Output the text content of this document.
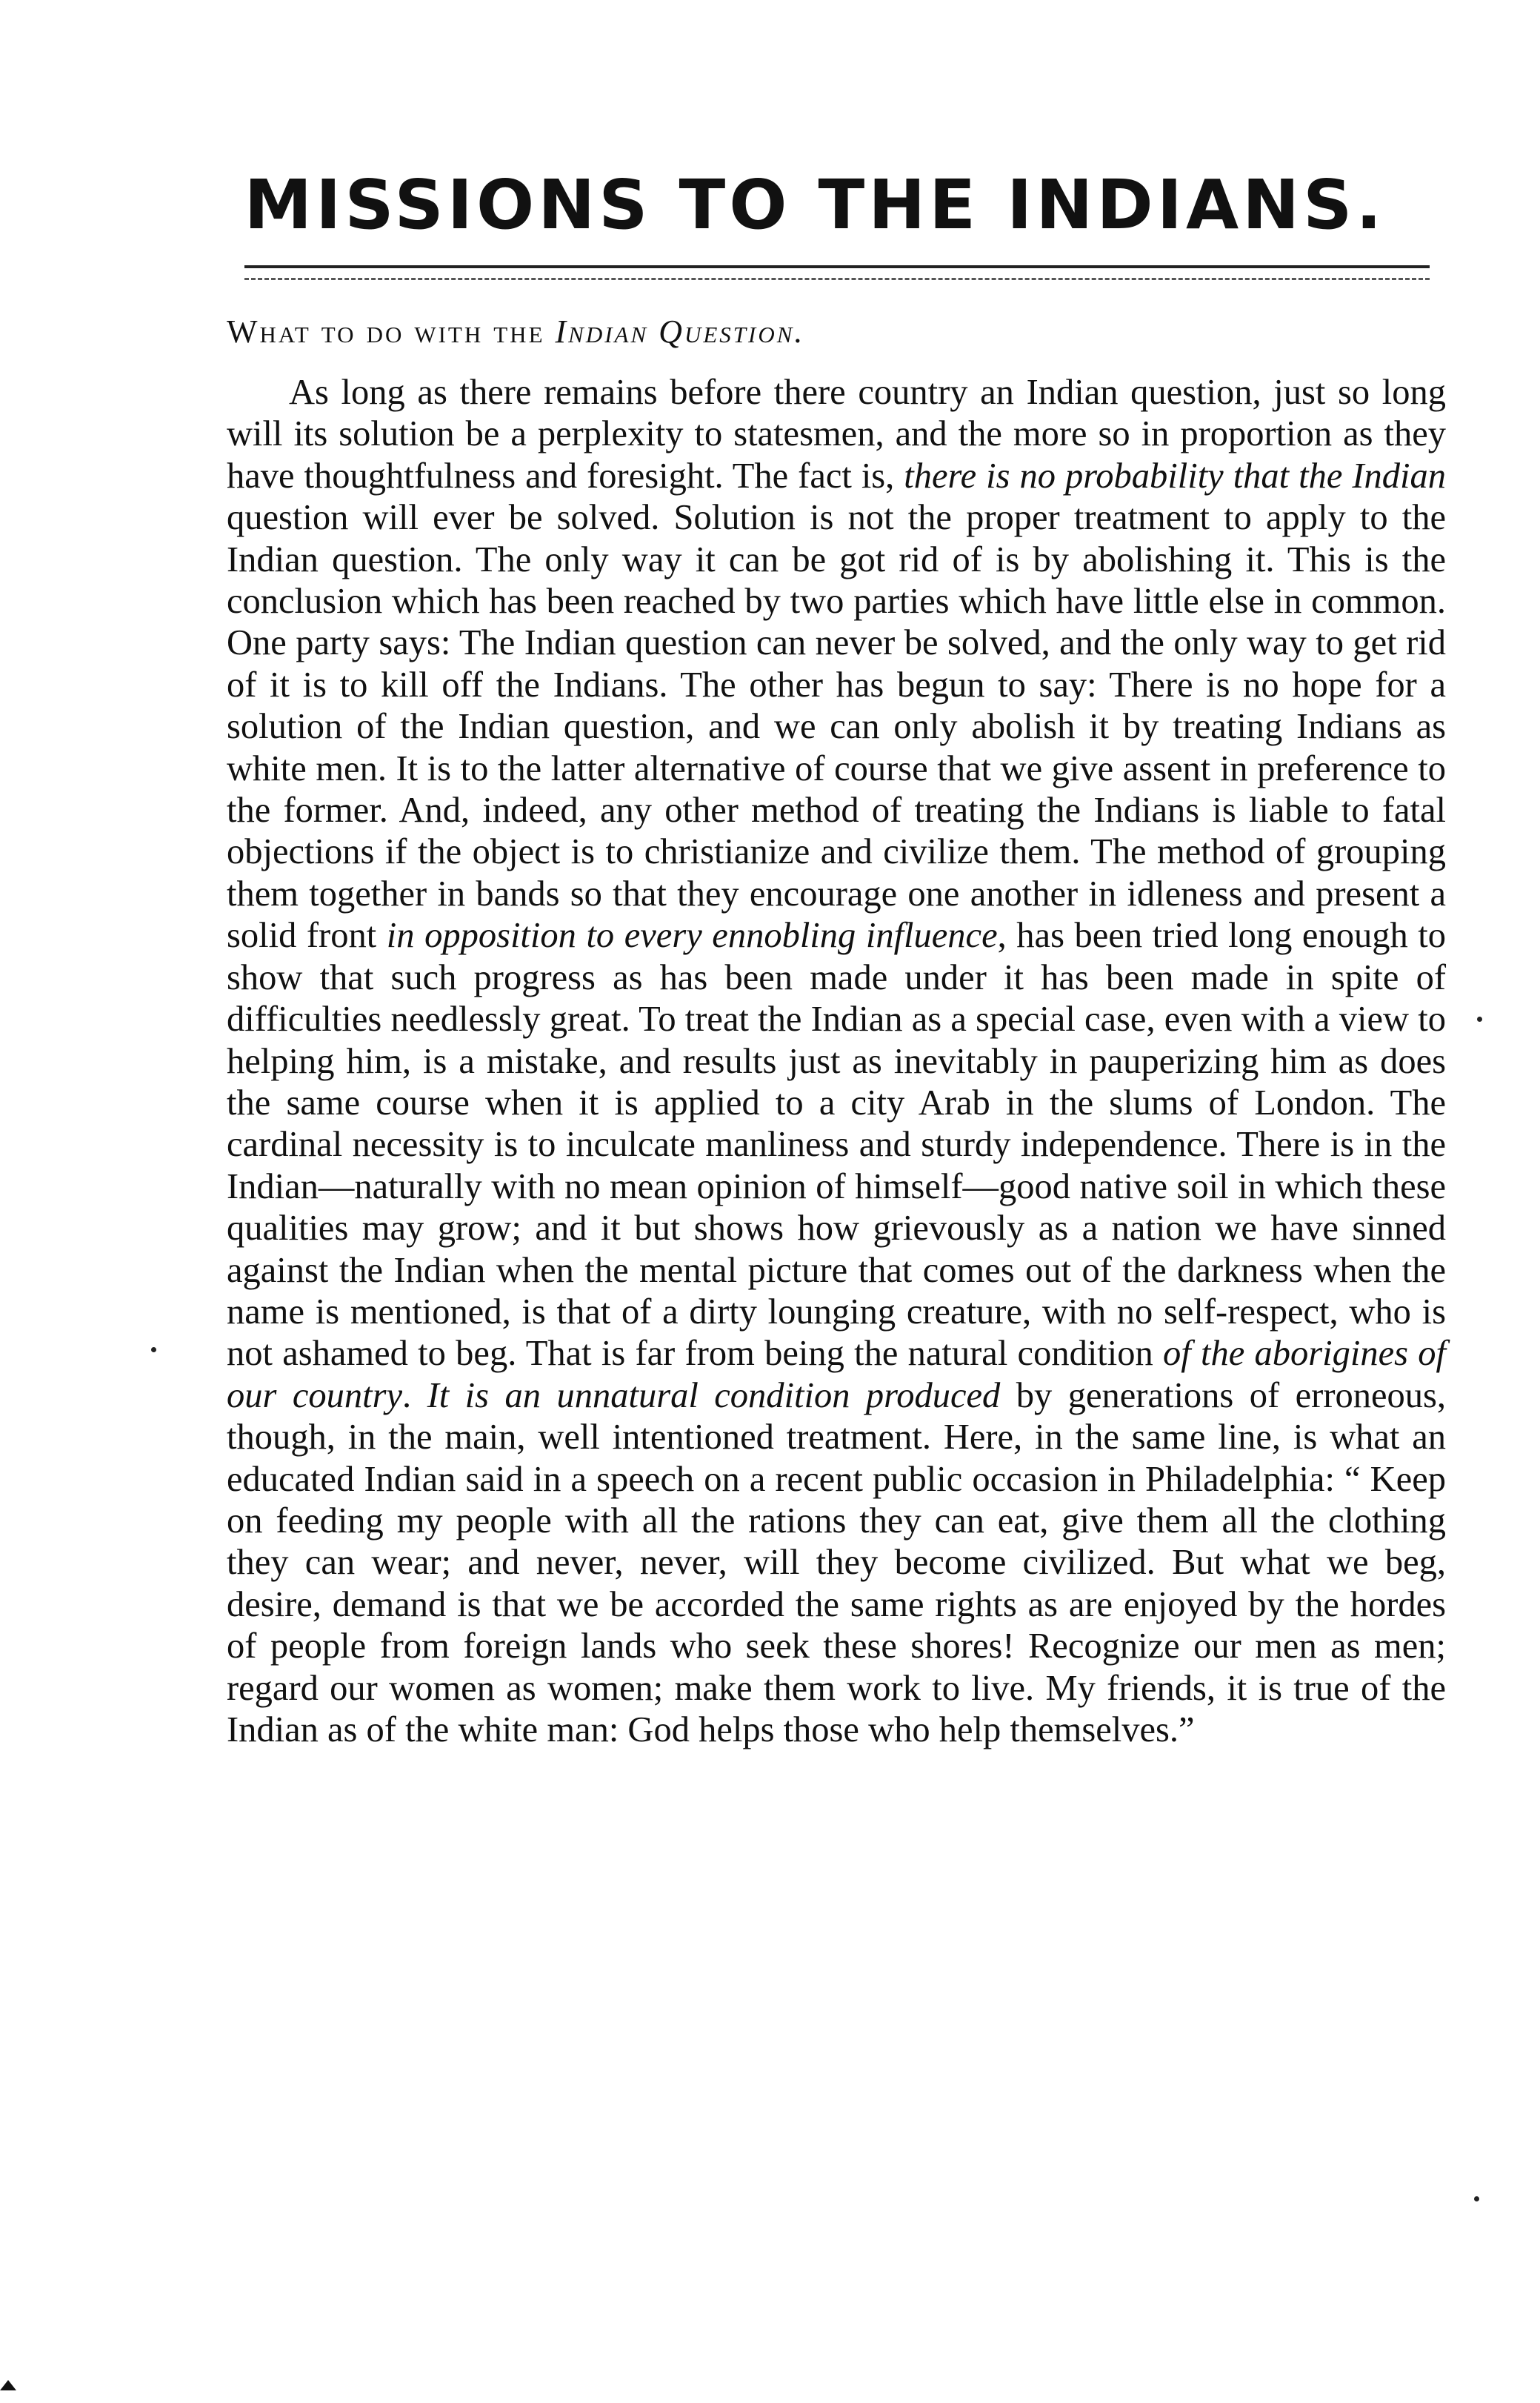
MISSIONS TO THE INDIANS.
What to do with the Indian Question.

As long as there remains before there country an Indian question, just so long will its solution be a perplexity to statesmen, and the more so in proportion as they have thoughtfulness and foresight. The fact is, there is no probability that the Indian question will ever be solved. Solution is not the proper treatment to apply to the Indian question. The only way it can be got rid of is by abolishing it. This is the conclusion which has been reached by two parties which have little else in common. One party says: The Indian question can never be solved, and the only way to get rid of it is to kill off the Indians. The other has begun to say: There is no hope for a solution of the Indian question, and we can only abolish it by treating Indians as white men. It is to the latter alternative of course that we give assent in preference to the former. And, indeed, any other method of treating the Indians is liable to fatal objections if the object is to christianize and civilize them. The method of grouping them together in bands so that they encourage one another in idleness and present a solid front in opposition to every ennobling influence, has been tried long enough to show that such progress as has been made under it has been made in spite of difficulties needlessly great. To treat the Indian as a special case, even with a view to helping him, is a mistake, and results just as inevitably in pauperizing him as does the same course when it is applied to a city Arab in the slums of London. The cardinal necessity is to inculcate manliness and sturdy independence. There is in the Indian—naturally with no mean opinion of himself—good native soil in which these qualities may grow; and it but shows how grievously as a nation we have sinned against the Indian when the mental picture that comes out of the darkness when the name is mentioned, is that of a dirty lounging creature, with no self-respect, who is not ashamed to beg. That is far from being the natural condition of the aborigines of our country. It is an unnatural condition produced by generations of erroneous, though, in the main, well intentioned treatment. Here, in the same line, is what an educated Indian said in a speech on a recent public occasion in Philadelphia: “ Keep on feeding my people with all the rations they can eat, give them all the clothing they can wear; and never, never, will they become civilized. But what we beg, desire, demand is that we be accorded the same rights as are enjoyed by the hordes of people from foreign lands who seek these shores! Recognize our men as men; regard our women as women; make them work to live. My friends, it is true of the Indian as of the white man: God helps those who help themselves.”
